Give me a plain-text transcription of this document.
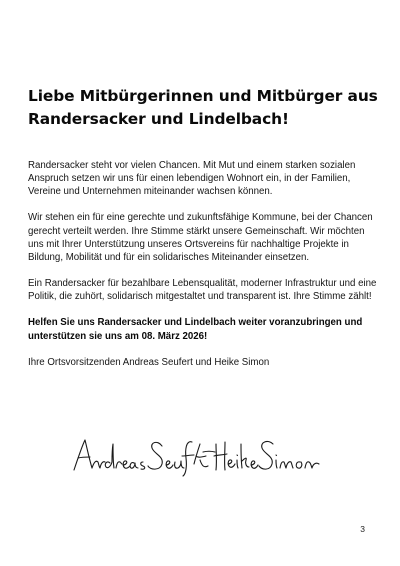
Liebe Mitbürgerinnen und Mitbürger aus Randersacker und Lindelbach!

Randersacker steht vor vielen Chancen. Mit Mut und einem starken sozialen Anspruch setzen wir uns für einen lebendigen Wohnort ein, in der Familien, Vereine und Unternehmen miteinander wachsen können.

Wir stehen ein für eine gerechte und zukunftsfähige Kommune, bei der Chancen gerecht verteilt werden. Ihre Stimme stärkt unsere Gemeinschaft. Wir möchten uns mit Ihrer Unterstützung unseres Ortsvereins für nachhaltige Projekte in Bildung, Mobilität und für ein solidarisches Miteinander einsetzen.

Ein Randersacker für bezahlbare Lebensqualität, moderner Infrastruktur und eine Politik, die zuhört, solidarisch mitgestaltet und transparent ist. Ihre Stimme zählt!

Helfen Sie uns Randersacker und Lindelbach weiter voranzubringen und unterstützen sie uns am 08. März 2026!

Ihre Ortsvorsitzenden Andreas Seufert und Heike Simon

3
